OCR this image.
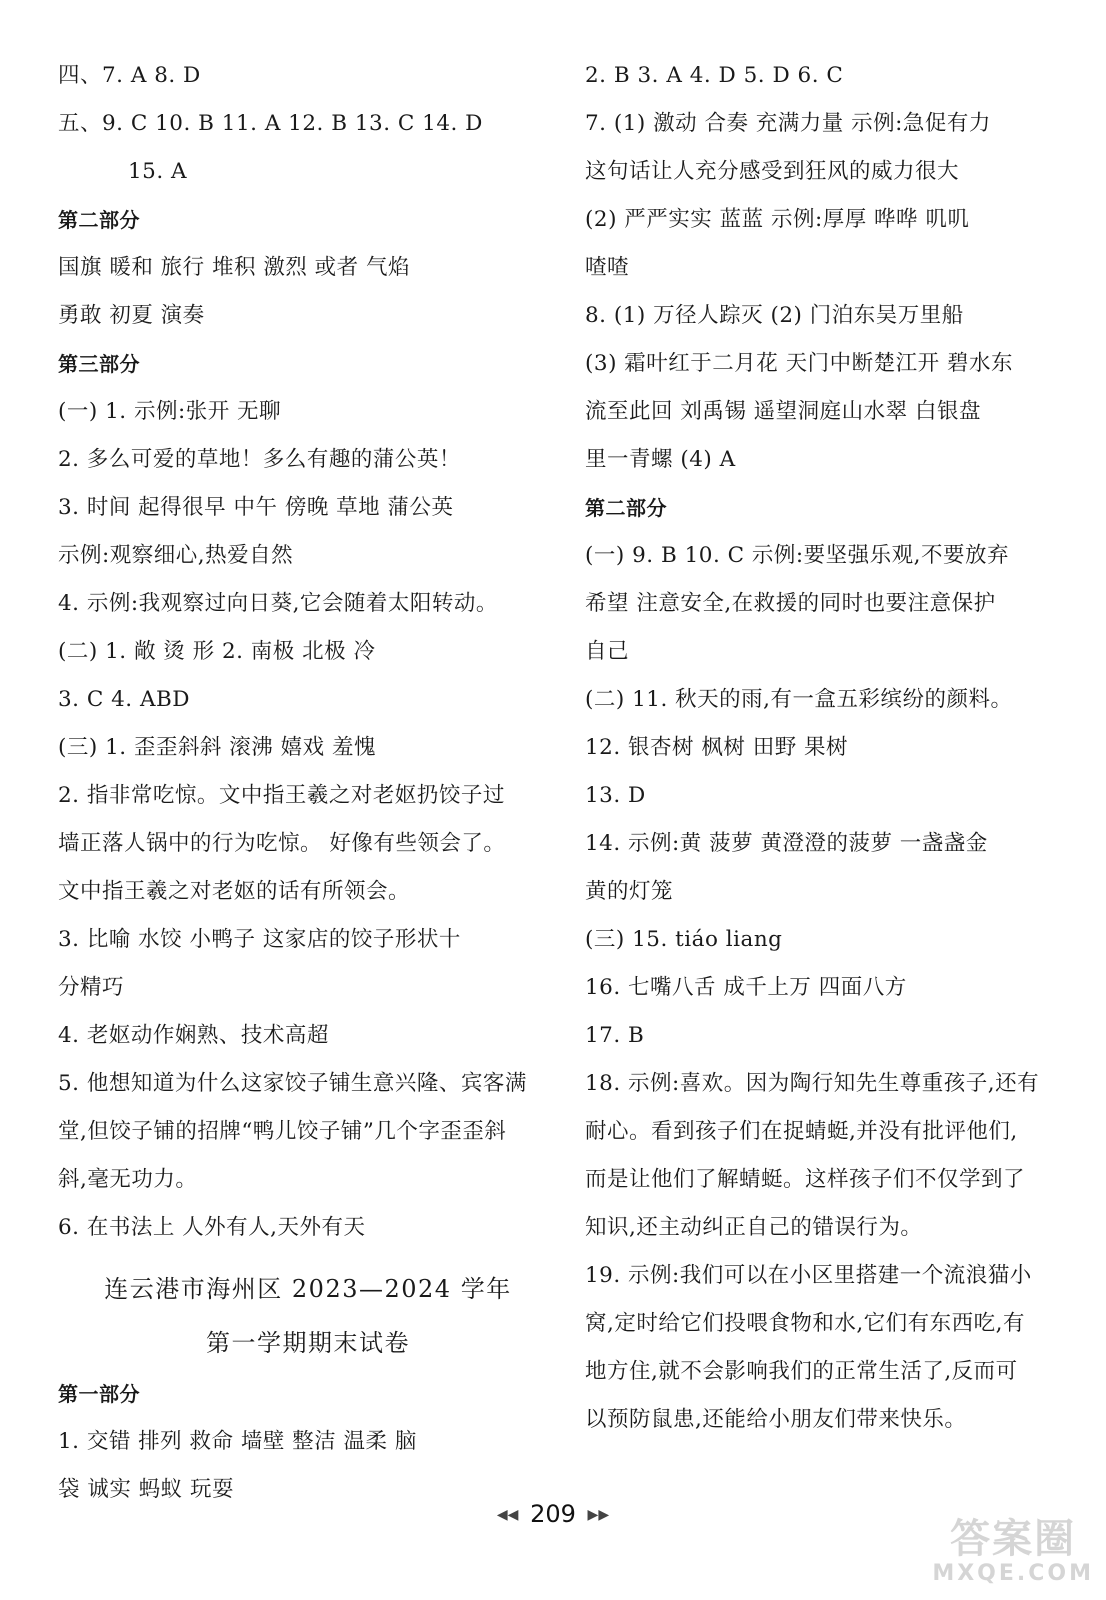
四、7. A 8. D
五、9. C 10. B 11. A 12. B 13. C 14. D
15. A
第二部分
国旗 暖和 旅行 堆积 激烈 或者 气焰
勇敢 初夏 演奏
第三部分
(一) 1. 示例:张开 无聊
2. 多么可爱的草地！多么有趣的蒲公英！
3. 时间 起得很早 中午 傍晚 草地 蒲公英
示例:观察细心,热爱自然
4. 示例:我观察过向日葵,它会随着太阳转动。
(二) 1. 敞 烫 形 2. 南极 北极 冷
3. C 4. ABD
(三) 1. 歪歪斜斜 滚沸 嬉戏 羞愧
2. 指非常吃惊。文中指王羲之对老妪扔饺子过
墙正落人锅中的行为吃惊。 好像有些领会了。
文中指王羲之对老妪的话有所领会。
3. 比喻 水饺 小鸭子 这家店的饺子形状十
分精巧
4. 老妪动作娴熟、技术高超
5. 他想知道为什么这家饺子铺生意兴隆、宾客满
堂,但饺子铺的招牌“鸭儿饺子铺”几个字歪歪斜
斜,毫无功力。
6. 在书法上 人外有人,天外有天
连云港市海州区 2023—2024 学年
第一学期期末试卷
第一部分
1. 交错 排列 救命 墙壁 整洁 温柔 脑
袋 诚实 蚂蚁 玩耍
2. B 3. A 4. D 5. D 6. C
7. (1) 激动 合奏 充满力量 示例:急促有力
这句话让人充分感受到狂风的威力很大
(2) 严严实实 蓝蓝 示例:厚厚 哗哗 叽叽
喳喳
8. (1) 万径人踪灭 (2) 门泊东吴万里船
(3) 霜叶红于二月花 天门中断楚江开 碧水东
流至此回 刘禹锡 遥望洞庭山水翠 白银盘
里一青螺 (4) A
第二部分
(一) 9. B 10. C 示例:要坚强乐观,不要放弃
希望 注意安全,在救援的同时也要注意保护
自己
(二) 11. 秋天的雨,有一盒五彩缤纷的颜料。
12. 银杏树 枫树 田野 果树
13. D
14. 示例:黄 菠萝 黄澄澄的菠萝 一盏盏金
黄的灯笼
(三) 15. tiáo liang
16. 七嘴八舌 成千上万 四面八方
17. B
18. 示例:喜欢。因为陶行知先生尊重孩子,还有
耐心。看到孩子们在捉蜻蜓,并没有批评他们,
而是让他们了解蜻蜓。这样孩子们不仅学到了
知识,还主动纠正自己的错误行为。
19. 示例:我们可以在小区里搭建一个流浪猫小
窝,定时给它们投喂食物和水,它们有东西吃,有
地方住,就不会影响我们的正常生活了,反而可
以预防鼠患,还能给小朋友们带来快乐。
◀◀ 209 ▶▶
答案圈
MXQE.COM
